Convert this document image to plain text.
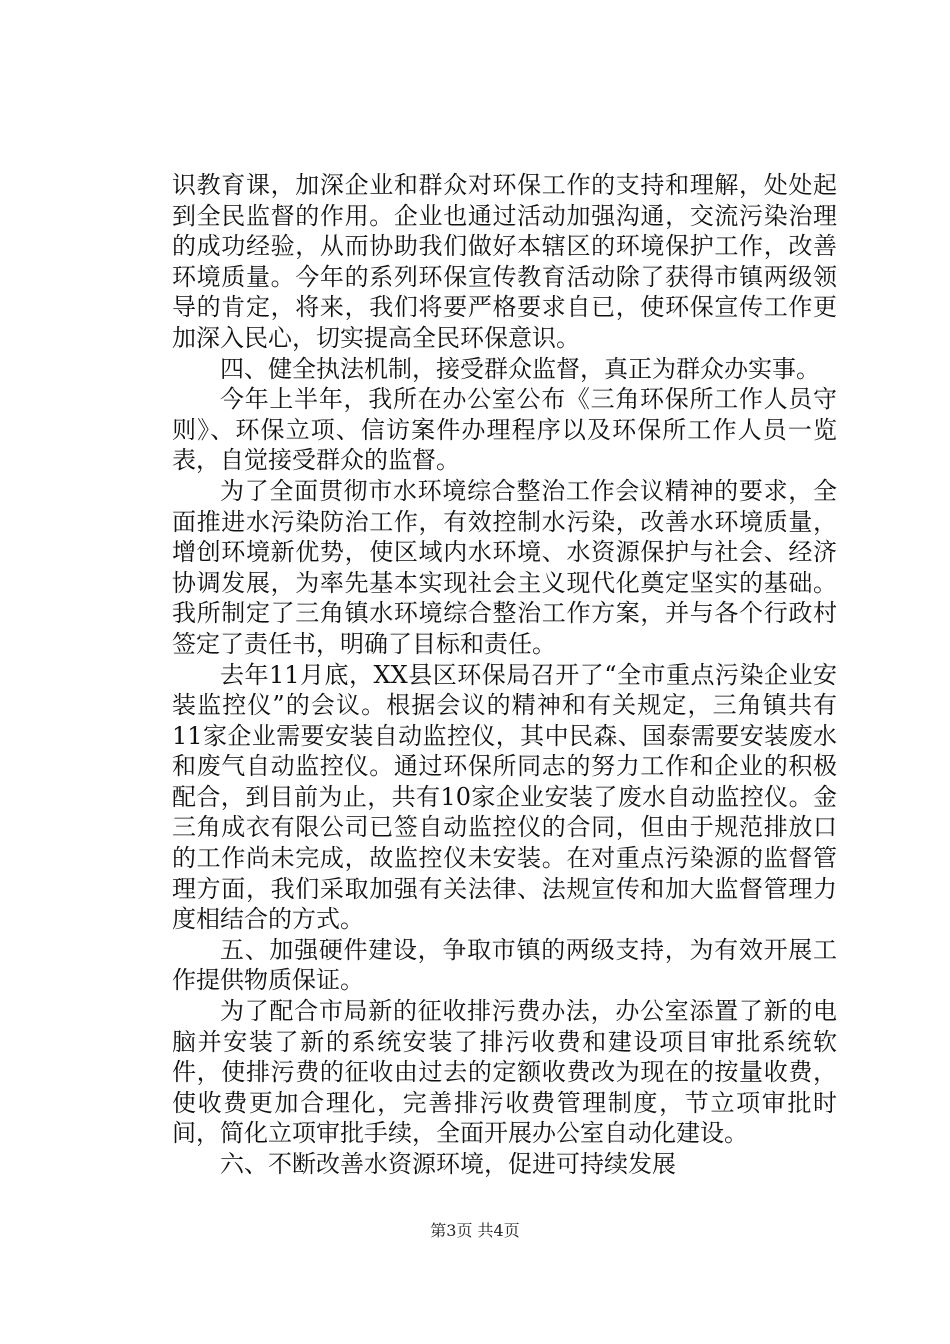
识教育课，加深企业和群众对环保工作的支持和理解，处处起到全民监督的作用。企业也通过活动加强沟通，交流污染治理的成功经验，从而协助我们做好本辖区的环境保护工作，改善环境质量。今年的系列环保宣传教育活动除了获得市镇两级领导的肯定，将来，我们将要严格要求自已，使环保宣传工作更加深入民心，切实提高全民环保意识。

四、健全执法机制，接受群众监督，真正为群众办实事。

今年上半年，我所在办公室公布《三角环保所工作人员守则》、环保立项、信访案件办理程序以及环保所工作人员一览表，自觉接受群众的监督。

为了全面贯彻市水环境综合整治工作会议精神的要求，全面推进水污染防治工作，有效控制水污染，改善水环境质量，增创环境新优势，使区域内水环境、水资源保护与社会、经济协调发展，为率先基本实现社会主义现代化奠定坚实的基础。我所制定了三角镇水环境综合整治工作方案，并与各个行政村签定了责任书，明确了目标和责任。

去年11月底，XX县区环保局召开了“全市重点污染企业安装监控仪”的会议。根据会议的精神和有关规定，三角镇共有11家企业需要安装自动监控仪，其中民森、国泰需要安装废水和废气自动监控仪。通过环保所同志的努力工作和企业的积极配合，到目前为止，共有10家企业安装了废水自动监控仪。金三角成衣有限公司已签自动监控仪的合同，但由于规范排放口的工作尚未完成，故监控仪未安装。在对重点污染源的监督管理方面，我们采取加强有关法律、法规宣传和加大监督管理力度相结合的方式。

五、加强硬件建设，争取市镇的两级支持，为有效开展工作提供物质保证。

为了配合市局新的征收排污费办法，办公室添置了新的电脑并安装了新的系统安装了排污收费和建设项目审批系统软件，使排污费的征收由过去的定额收费改为现在的按量收费，使收费更加合理化，完善排污收费管理制度，节立项审批时间，简化立项审批手续，全面开展办公室自动化建设。

六、不断改善水资源环境，促进可持续发展

第3页 共4页
